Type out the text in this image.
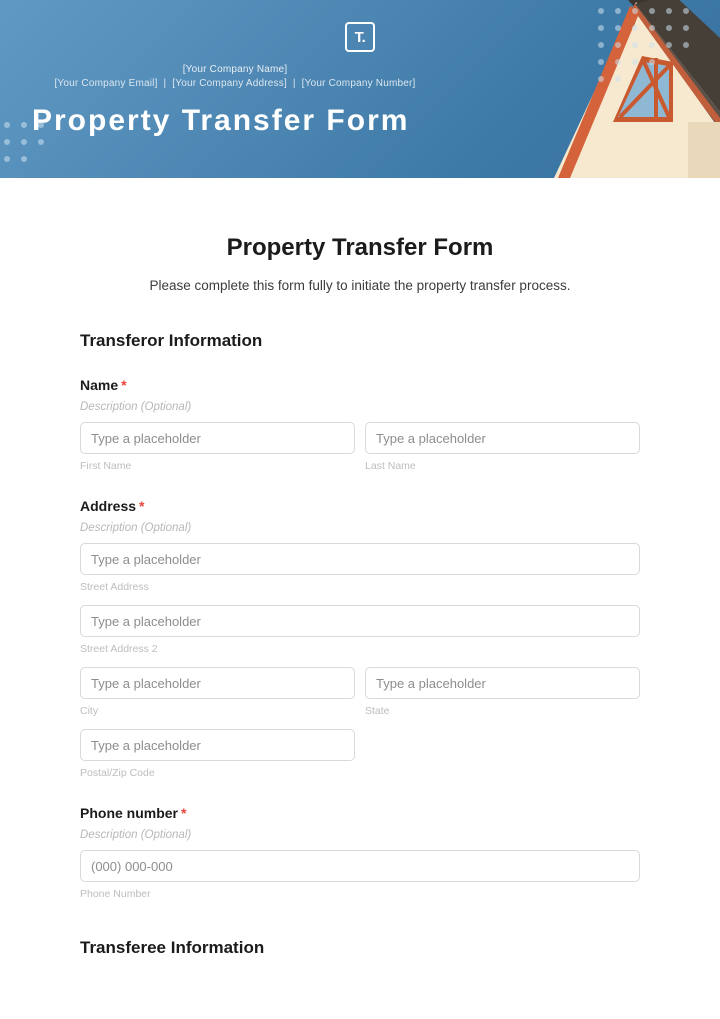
T.
[Your Company Name]
[Your Company Email]  |  [Your Company Address]  |  [Your Company Number]
Property Transfer Form
Property Transfer Form
Please complete this form fully to initiate the property transfer process.
Transferor Information
Name *
Description (Optional)
Type a placeholder
First Name
Type a placeholder	Last Name
Address *
Description (Optional)
Type a placeholder
Street Address
Type a placeholder
Street Address 2
Type a placeholder
City
Type a placeholder	State
Type a placeholder
Postal/Zip Code
Phone number *
Description (Optional)
(000) 000-000
Phone Number
Transferee Information
